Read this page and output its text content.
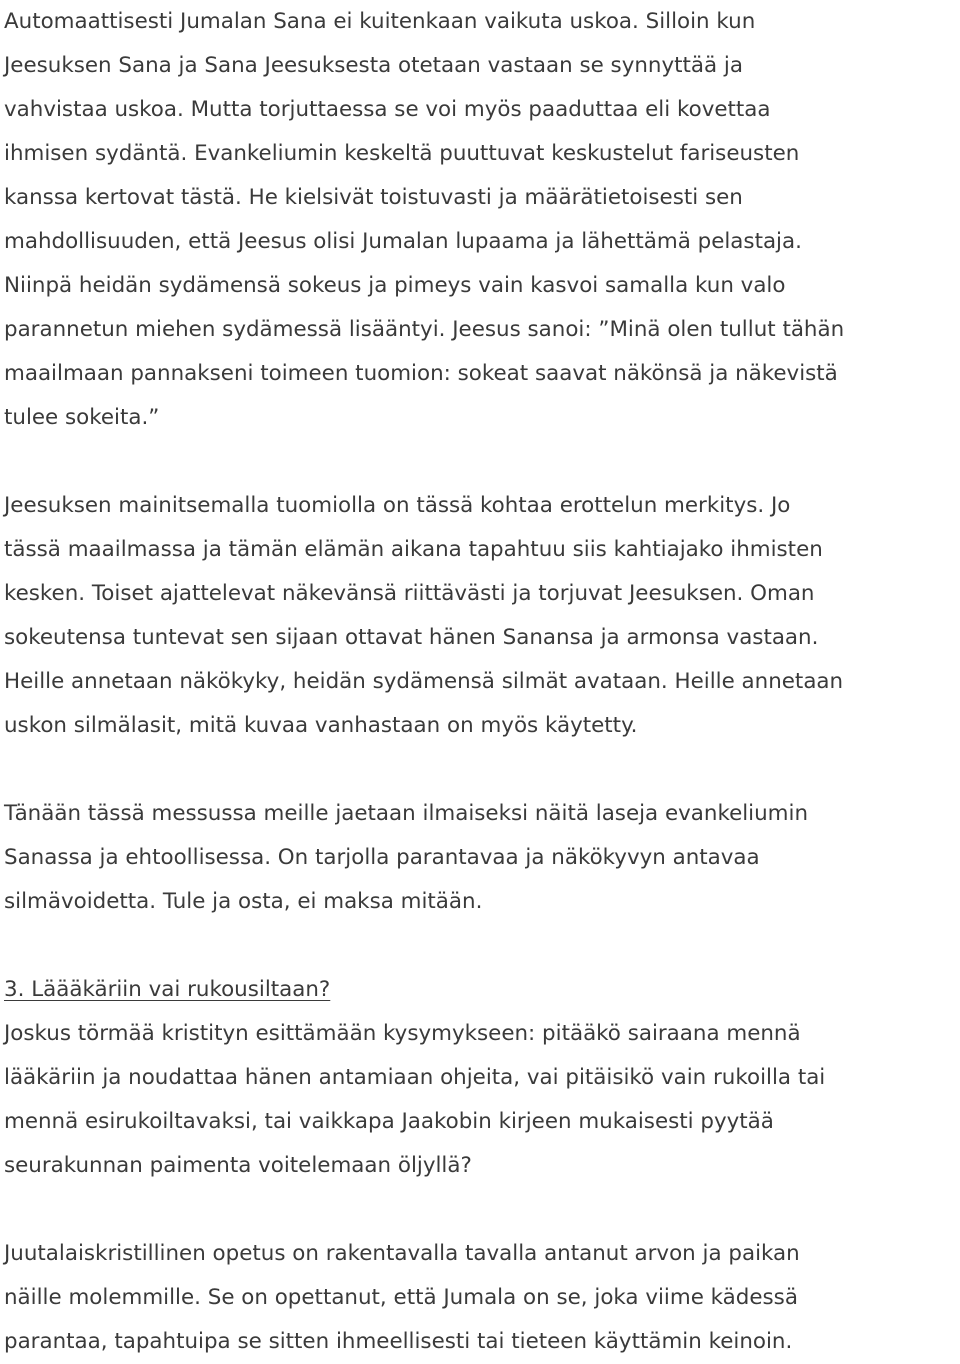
Automaattisesti Jumalan Sana ei kuitenkaan vaikuta uskoa. Silloin kun
Jeesuksen Sana ja Sana Jeesuksesta otetaan vastaan se synnyttää ja
vahvistaa uskoa. Mutta torjuttaessa se voi myös paaduttaa eli kovettaa
ihmisen sydäntä. Evankeliumin keskeltä puuttuvat keskustelut fariseusten
kanssa kertovat tästä. He kielsivät toistuvasti ja määrätietoisesti sen
mahdollisuuden, että Jeesus olisi Jumalan lupaama ja lähettämä pelastaja.
Niinpä heidän sydämensä sokeus ja pimeys vain kasvoi samalla kun valo
parannetun miehen sydämessä lisääntyi. Jeesus sanoi: ”Minä olen tullut tähän
maailmaan pannakseni toimeen tuomion: sokeat saavat näkönsä ja näkevistä
tulee sokeita.”

Jeesuksen mainitsemalla tuomiolla on tässä kohtaa erottelun merkitys. Jo
tässä maailmassa ja tämän elämän aikana tapahtuu siis kahtiajako ihmisten
kesken. Toiset ajattelevat näkevänsä riittävästi ja torjuvat Jeesuksen. Oman
sokeutensa tuntevat sen sijaan ottavat hänen Sanansa ja armonsa vastaan.
Heille annetaan näkökyky, heidän sydämensä silmät avataan. Heille annetaan
uskon silmälasit, mitä kuvaa vanhastaan on myös käytetty.

Tänään tässä messussa meille jaetaan ilmaiseksi näitä laseja evankeliumin
Sanassa ja ehtoollisessa. On tarjolla parantavaa ja näkökyvyn antavaa
silmävoidetta. Tule ja osta, ei maksa mitään.

3. Läääkäriin vai rukousiltaan?

Joskus törmää kristityn esittämään kysymykseen: pitääkö sairaana mennä
lääkäriin ja noudattaa hänen antamiaan ohjeita, vai pitäisikö vain rukoilla tai
mennä esirukoiltavaksi, tai vaikkapa Jaakobin kirjeen mukaisesti pyytää
seurakunnan paimenta voitelemaan öljyllä?

Juutalaiskristillinen opetus on rakentavalla tavalla antanut arvon ja paikan
näille molemmille. Se on opettanut, että Jumala on se, joka viime kädessä
parantaa, tapahtuipa se sitten ihmeellisesti tai tieteen käyttämin keinoin.
